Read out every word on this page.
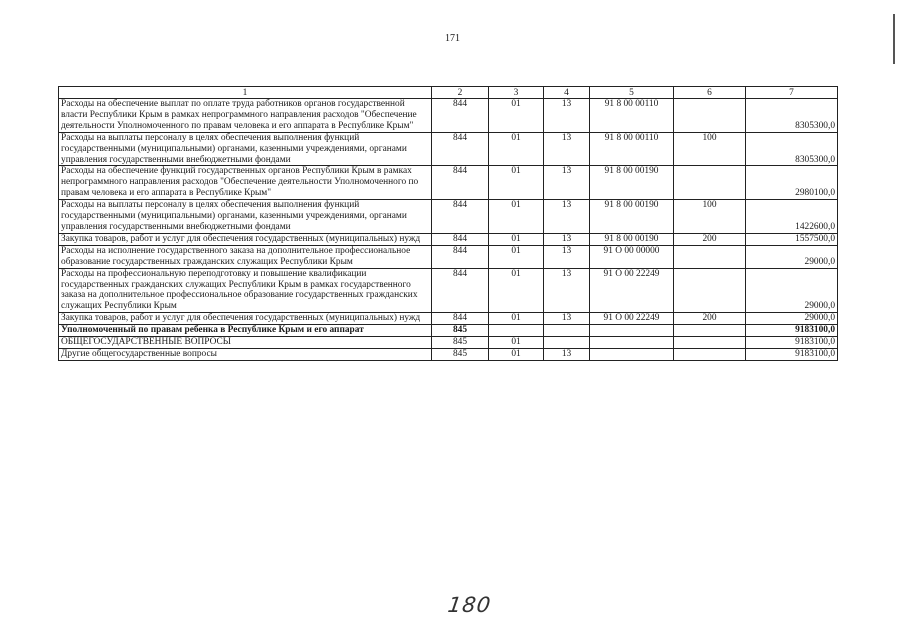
171
1	2	3	4	5	6	7
Расходы на обеспечение выплат по оплате труда работников органов государственной власти Республики Крым в рамках непрограммного направления расходов "Обеспечение деятельности Уполномоченного по правам человека и его аппарата в Республике Крым"	844	01	13	91 8 00 00110		8305300,0
Расходы на выплаты персоналу в целях обеспечения выполнения функций государственными (муниципальными) органами, казенными учреждениями, органами управления государственными внебюджетными фондами	844	01	13	91 8 00 00110	100	8305300,0
Расходы на обеспечение функций государственных органов Республики Крым в рамках непрограммного направления расходов "Обеспечение деятельности Уполномоченного по правам человека и его аппарата в Республике Крым"	844	01	13	91 8 00 00190		2980100,0
Расходы на выплаты персоналу в целях обеспечения выполнения функций государственными (муниципальными) органами, казенными учреждениями, органами управления государственными внебюджетными фондами	844	01	13	91 8 00 00190	100	1422600,0
Закупка товаров, работ и услуг для обеспечения государственных (муниципальных) нужд	844	01	13	91 8 00 00190	200	1557500,0
Расходы на исполнение государственного заказа на дополнительное профессиональное образование государственных гражданских служащих Республики Крым	844	01	13	91 О 00 00000		29000,0
Расходы на профессиональную переподготовку и повышение квалификации государственных гражданских служащих Республики Крым в рамках государственного заказа на дополнительное профессиональное образование государственных гражданских служащих Республики Крым	844	01	13	91 О 00 22249		29000,0
Закупка товаров, работ и услуг для обеспечения государственных (муниципальных) нужд	844	01	13	91 О 00 22249	200	29000,0
Уполномоченный по правам ребенка в Республике Крым и его аппарат	845					9183100,0
ОБЩЕГОСУДАРСТВЕННЫЕ ВОПРОСЫ	845	01				9183100,0
Другие общегосударственные вопросы	845	01	13			9183100,0
180
